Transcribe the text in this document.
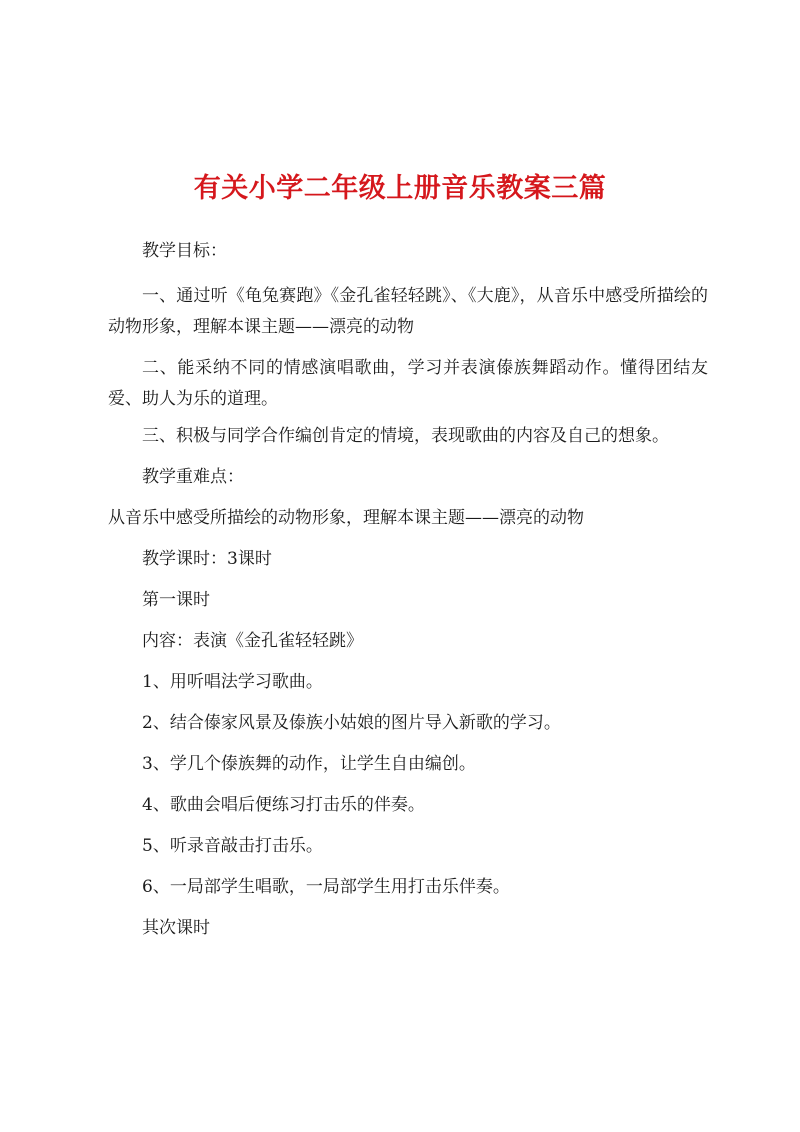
有关小学二年级上册音乐教案三篇

教学目标：

一、通过听《龟兔赛跑》《金孔雀轻轻跳》、《大鹿》，从音乐中感受所描绘的动物形象，理解本课主题——漂亮的动物

二、能采纳不同的情感演唱歌曲，学习并表演傣族舞蹈动作。懂得团结友爱、助人为乐的道理。

三、积极与同学合作编创肯定的情境，表现歌曲的内容及自己的想象。

教学重难点：

从音乐中感受所描绘的动物形象，理解本课主题——漂亮的动物

教学课时：3课时

第一课时

内容：表演《金孔雀轻轻跳》

1、用听唱法学习歌曲。

2、结合傣家风景及傣族小姑娘的图片导入新歌的学习。

3、学几个傣族舞的动作，让学生自由编创。

4、歌曲会唱后便练习打击乐的伴奏。

5、听录音敲击打击乐。

6、一局部学生唱歌，一局部学生用打击乐伴奏。

其次课时
